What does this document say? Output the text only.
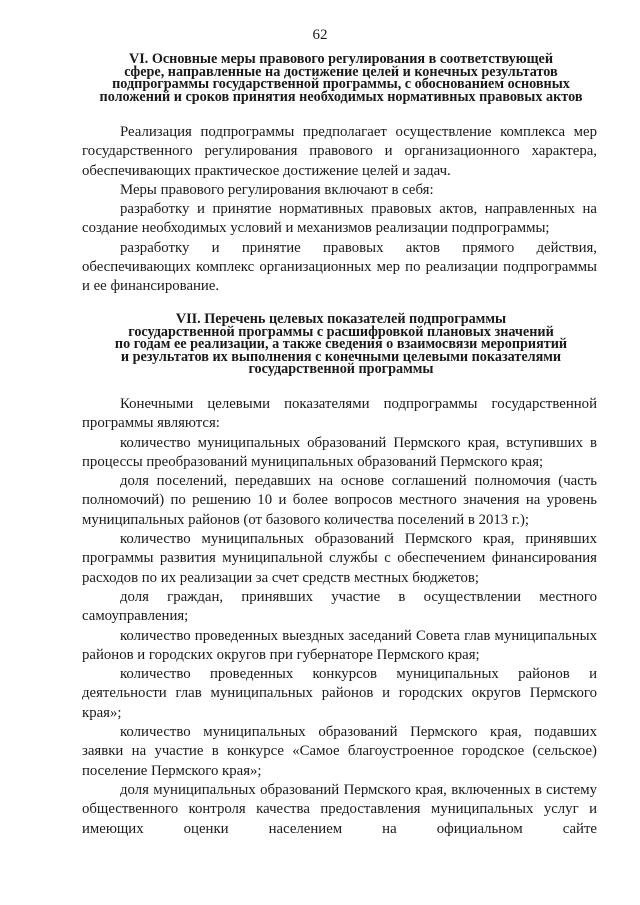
62
VI. Основные меры правового регулирования в соответствующей
сфере, направленные на достижение целей и конечных результатов
подпрограммы государственной программы, с обоснованием основных
положений и сроков принятия необходимых нормативных правовых актов

Реализация подпрограммы предполагает осуществление комплекса мер государственного регулирования правового и организационного характера, обеспечивающих практическое достижение целей и задач.

Меры правового регулирования включают в себя:

разработку и принятие нормативных правовых актов, направленных на создание необходимых условий и механизмов реализации подпрограммы;

разработку и принятие правовых актов прямого действия, обеспечивающих комплекс организационных мер по реализации подпрограммы и ее финансирование.

VII. Перечень целевых показателей подпрограммы
государственной программы с расшифровкой плановых значений
по годам ее реализации, а также сведения о взаимосвязи мероприятий
и результатов их выполнения с конечными целевыми показателями
государственной программы

Конечными целевыми показателями подпрограммы государственной программы являются:

количество муниципальных образований Пермского края, вступивших в процессы преобразований муниципальных образований Пермского края;

доля поселений, передавших на основе соглашений полномочия (часть полномочий) по решению 10 и более вопросов местного значения на уровень муниципальных районов (от базового количества поселений в 2013 г.);

количество муниципальных образований Пермского края, принявших программы развития муниципальной службы с обеспечением финансирования расходов по их реализации за счет средств местных бюджетов;

доля граждан, принявших участие в осуществлении местного самоуправления;

количество проведенных выездных заседаний Совета глав муниципальных районов и городских округов при губернаторе Пермского края;

количество проведенных конкурсов муниципальных районов и деятельности глав муниципальных районов и городских округов Пермского края»;

количество муниципальных образований Пермского края, подавших заявки на участие в конкурсе «Самое благоустроенное городское (сельское) поселение Пермского края»;

доля муниципальных образований Пермского края, включенных в систему общественного контроля качества предоставления муниципальных услуг и имеющих оценки населением на официальном сайте
